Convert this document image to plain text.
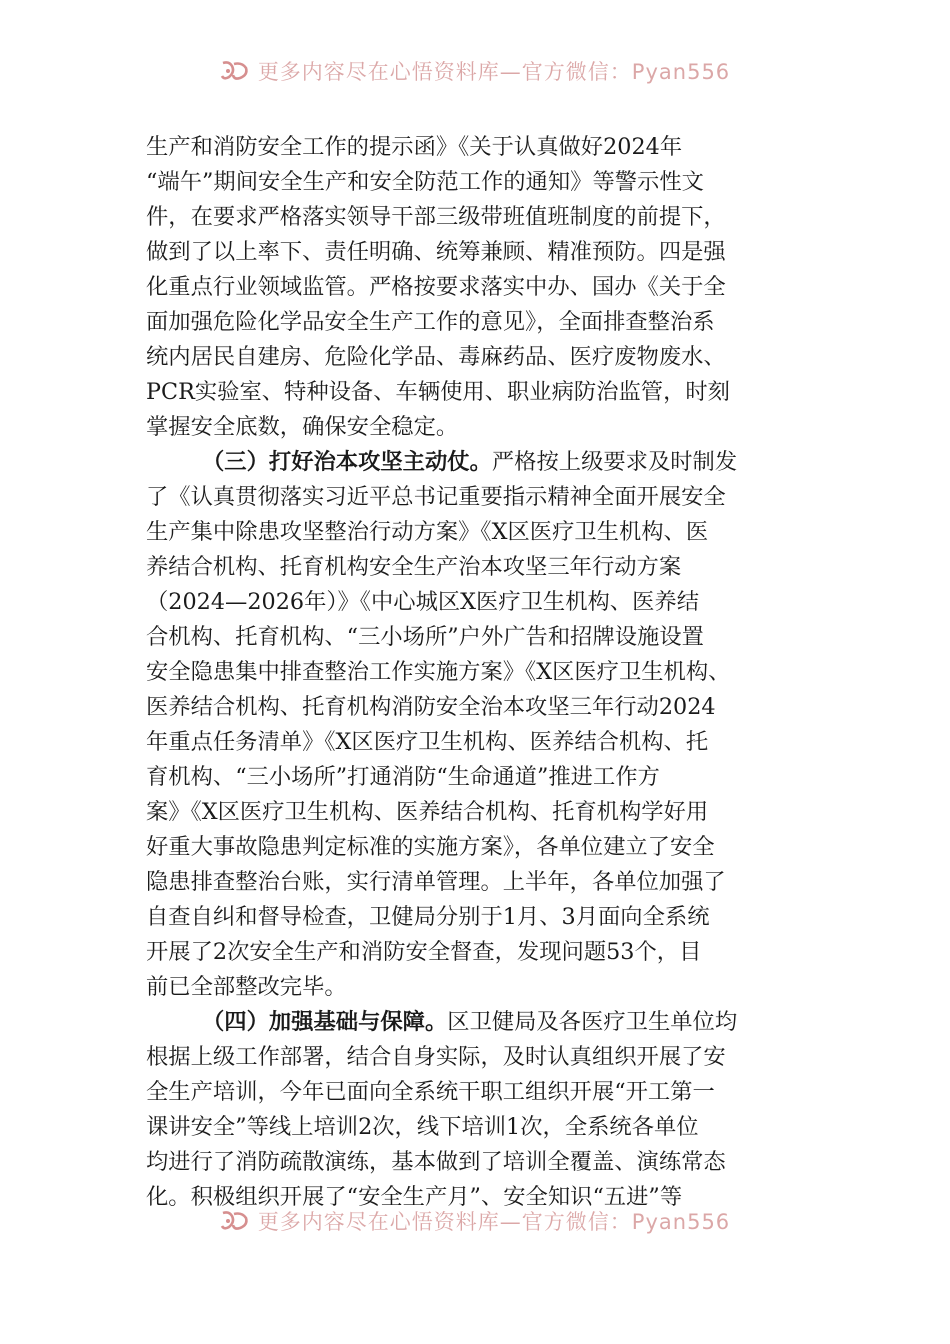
更多内容尽在心悟资料库—官方微信：Pyan556
生产和消防安全工作的提示函》《关于认真做好2024年
“端午”期间安全生产和安全防范工作的通知》等警示性文
件，在要求严格落实领导干部三级带班值班制度的前提下，
做到了以上率下、责任明确、统筹兼顾、精准预防。四是强
化重点行业领域监管。严格按要求落实中办、国办《关于全
面加强危险化学品安全生产工作的意见》，全面排查整治系
统内居民自建房、危险化学品、毒麻药品、医疗废物废水、
PCR实验室、特种设备、车辆使用、职业病防治监管，时刻
掌握安全底数，确保安全稳定。
（三）打好治本攻坚主动仗。 严格按上级要求及时制发
了《认真贯彻落实习近平总书记重要指示精神全面开展安全
生产集中除患攻坚整治行动方案》《X区医疗卫生机构、医
养结合机构、托育机构安全生产治本攻坚三年行动方案
（2024—2026年）》《中心城区X医疗卫生机构、医养结
合机构、托育机构、“三小场所”户外广告和招牌设施设置
安全隐患集中排查整治工作实施方案》《X区医疗卫生机构、
医养结合机构、托育机构消防安全治本攻坚三年行动2024
年重点任务清单》《X区医疗卫生机构、医养结合机构、托
育机构、“三小场所”打通消防“生命通道”推进工作方
案》《X区医疗卫生机构、医养结合机构、托育机构学好用
好重大事故隐患判定标准的实施方案》，各单位建立了安全
隐患排查整治台账，实行清单管理。上半年，各单位加强了
自查自纠和督导检查，卫健局分别于1月、3月面向全系统
开展了2次安全生产和消防安全督查，发现问题53个，目
前已全部整改完毕。
（四）加强基础与保障。 区卫健局及各医疗卫生单位均
根据上级工作部署，结合自身实际，及时认真组织开展了安
全生产培训，今年已面向全系统干职工组织开展“开工第一
课讲安全”等线上培训2次，线下培训1次，全系统各单位
均进行了消防疏散演练，基本做到了培训全覆盖、演练常态
化。积极组织开展了“安全生产月”、安全知识“五进”等
更多内容尽在心悟资料库—官方微信：Pyan556
